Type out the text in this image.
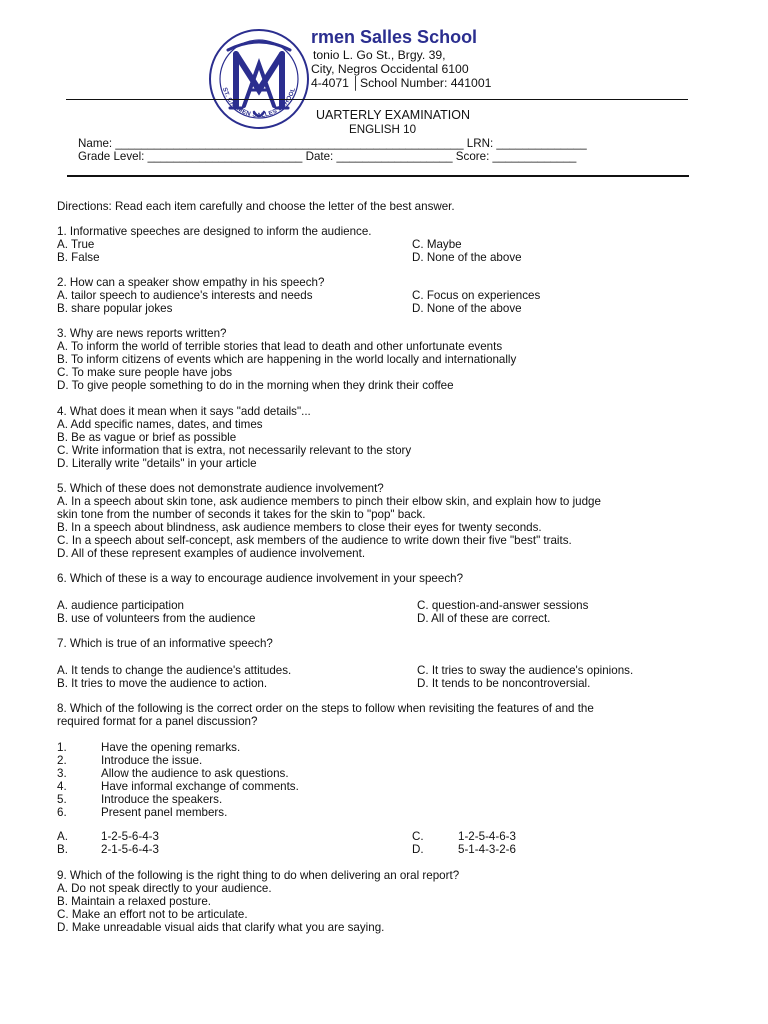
ST. CARMEN SALLES SCHOOL
rmen Salles School
tonio L. Go St., Brgy. 39,
City, Negros Occidental 6100
4-4071 │School Number: 441001
UARTERLY EXAMINATION
ENGLISH 10
Name: ______________________________________________________ LRN: ______________
Grade Level: ________________________ Date: __________________ Score: _____________
Directions: Read each item carefully and choose the letter of the best answer.
1. Informative speeches are designed to inform the audience.
A. True	C. Maybe
B. False	D. None of the above
2. How can a speaker show empathy in his speech?
A. tailor speech to audience's interests and needs	C. Focus on experiences
B. share popular jokes	D. None of the above
3. Why are news reports written?
A. To inform the world of terrible stories that lead to death and other unfortunate events
B. To inform citizens of events which are happening in the world locally and internationally
C. To make sure people have jobs
D. To give people something to do in the morning when they drink their coffee
4. What does it mean when it says "add details"...
A. Add specific names, dates, and times
B. Be as vague or brief as possible
C. Write information that is extra, not necessarily relevant to the story
D. Literally write "details" in your article
5. Which of these does not demonstrate audience involvement?
A. In a speech about skin tone, ask audience members to pinch their elbow skin, and explain how to judge
skin tone from the number of seconds it takes for the skin to "pop" back.
B. In a speech about blindness, ask audience members to close their eyes for twenty seconds.
C. In a speech about self-concept, ask members of the audience to write down their five "best" traits.
D. All of these represent examples of audience involvement.
6. Which of these is a way to encourage audience involvement in your speech?
A. audience participation	C. question-and-answer sessions
B. use of volunteers from the audience	D. All of these are correct.
7. Which is true of an informative speech?
A. It tends to change the audience's attitudes.	C. It tries to sway the audience's opinions.
B. It tries to move the audience to action.	D. It tends to be noncontroversial.
8. Which of the following is the correct order on the steps to follow when revisiting the features of and the
required format for a panel discussion?
1.	Have the opening remarks.
2.	Introduce the issue.
3.	Allow the audience to ask questions.
4.	Have informal exchange of comments.
5.	Introduce the speakers.
6.	Present panel members.
A.	1-2-5-6-4-3	C.	1-2-5-4-6-3
B.	2-1-5-6-4-3	D.	5-1-4-3-2-6
9. Which of the following is the right thing to do when delivering an oral report?
A. Do not speak directly to your audience.
B. Maintain a relaxed posture.
C. Make an effort not to be articulate.
D. Make unreadable visual aids that clarify what you are saying.
